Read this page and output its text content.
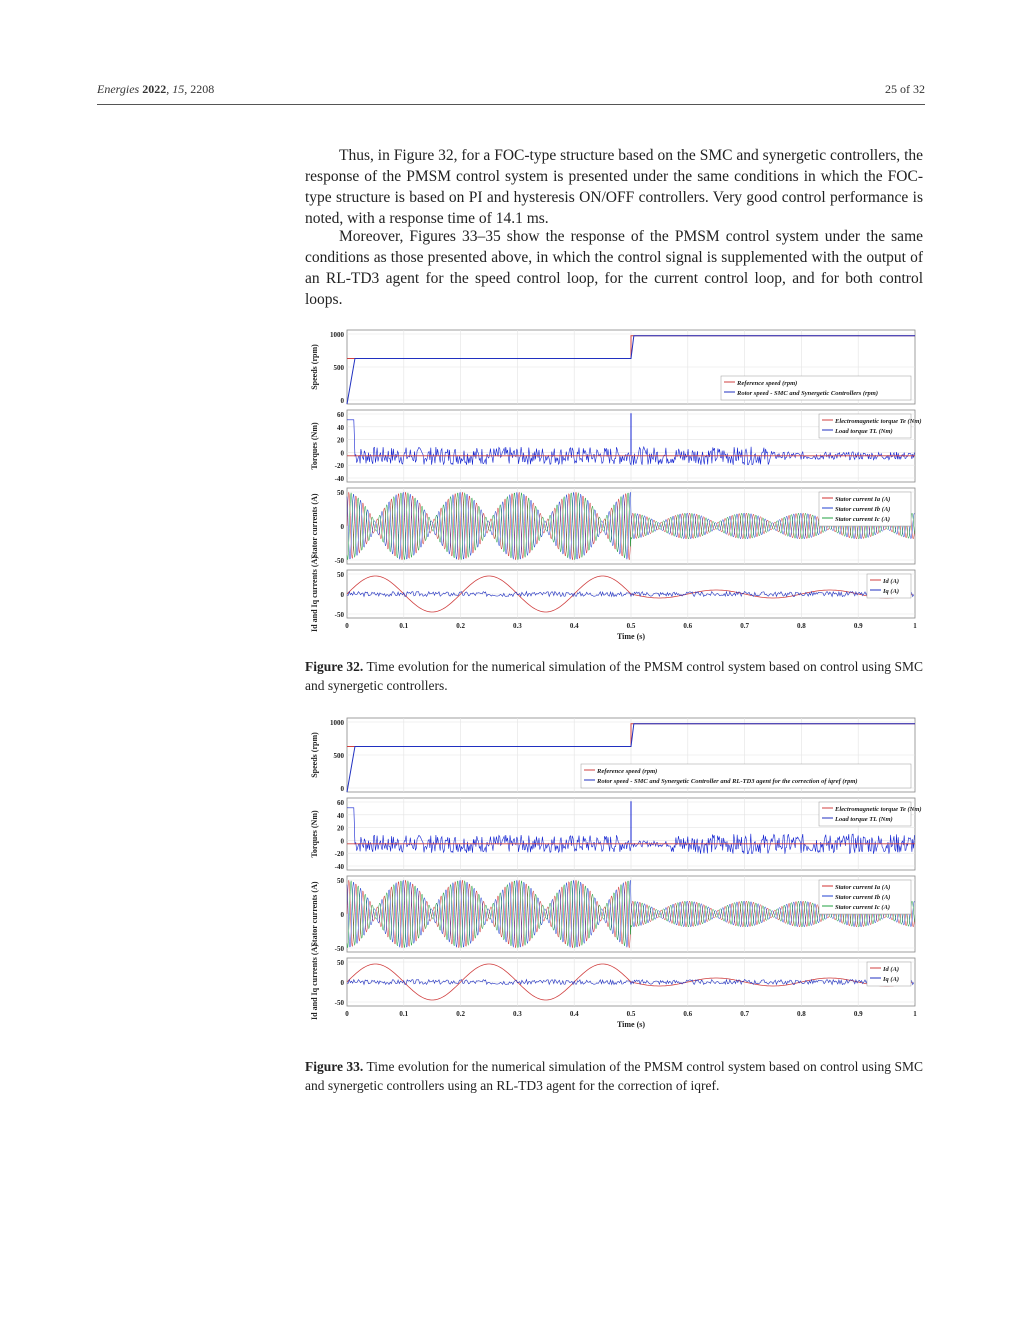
Energies 2022, 15, 2208	25 of 32

Thus, in Figure 32, for a FOC-type structure based on the SMC and synergetic controllers, the response of the PMSM control system is presented under the same conditions in which the FOC-type structure is based on PI and hysteresis ON/OFF controllers. Very good control performance is noted, with a response time of 14.1 ms.

Moreover, Figures 33–35 show the response of the PMSM control system under the same conditions as those presented above, in which the control signal is supplemented with the output of an RL-TD3 agent for the speed control loop, for the current control loop, and for both control loops.

1000
500
0
Speeds (rpm)	Reference speed (rpm)
Rotor speed - SMC and Synergetic Controllers (rpm)
60
40
20
0
-20
-40
Torques (Nm)
Electromagnetic torque Te (Nm)
Load torque TL (Nm)
50
0
-50
Stator currents (A)	Stator current Ia (A)
Stator current Ib (A)
Stator current Ic (A)
50
0
-50
Id and Iq currents (A)	Id (A)
Iq (A)
0	0.1	0.2	0.3	0.4	0.5	0.6	0.7	0.8	0.9	1
Time (s)
Figure 32. Time evolution for the numerical simulation of the PMSM control system based on control using SMC and synergetic controllers.
1000
500
0
Speeds (rpm)	Reference speed (rpm)
Rotor speed - SMC and Synergetic Controller and RL-TD3 agent for the correction of iqref (rpm)
60
40
20
0
-20
-40
Torques (Nm)
Electromagnetic torque Te (Nm)
Load torque TL (Nm)
50
0
-50
Stator currents (A)	Stator current Ia (A)
Stator current Ib (A)
Stator current Ic (A)
50
0
-50
Id and Iq currents (A)	Id (A)
Iq (A)
0	0.1	0.2	0.3	0.4	0.5	0.6	0.7	0.8	0.9	1
Time (s)
Figure 33. Time evolution for the numerical simulation of the PMSM control system based on control using SMC and synergetic controllers using an RL-TD3 agent for the correction of iqref.
